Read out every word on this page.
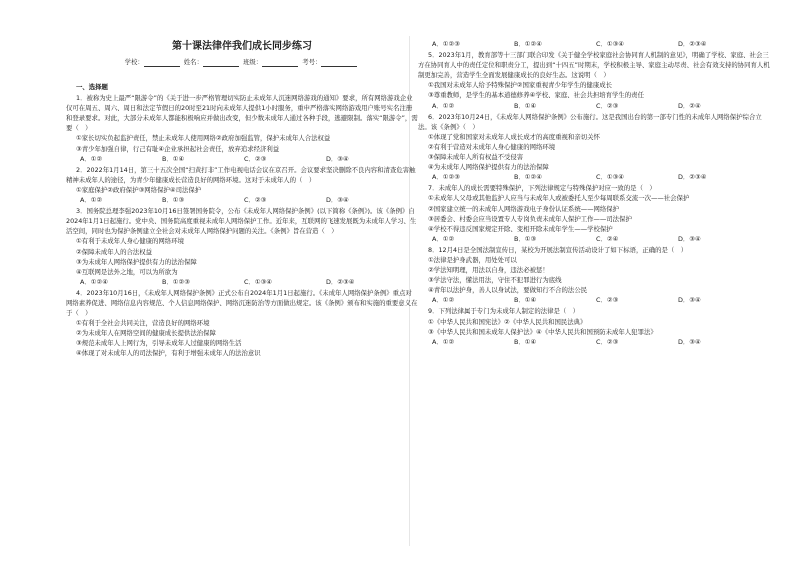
第十课法律伴我们成长同步练习
学校：	姓名：	班级：	考号：
一、选择题
1．被称为史上最严“限游令”的《关于进一步严格管理切实防止未成年人沉迷网络游戏的通知》要求，所有网络游戏企业仅可在周五、周六、周日和法定节假日的20时至21时向未成年人提供1小时服务，重申严格落实网络游戏用户账号实名注册和登录要求。对此，大部分未成年人都能积极响应并做出改变，但少数未成年人通过各种手段，逃避限制。落实“限游令”，需要（　）
①家长切实负起监护责任，禁止未成年人使用网络②政府加强监管，保护未成年人合法权益
③青少年加强自律，行己有耻④企业承担起社会责任，放弃追求经济利益
A．①②	B．①④	C．②③	D．③④
2．2022年1月14日，第三十五次全国“扫黄打非”工作电视电话会议在京召开。会议要求坚决删除不良内容和清查危害触精神未成年人的途径，为青少年健康成长营造良好的网络环境。这对于未成年人的（　）
①家庭保护②政府保护③网络保护④司法保护
A．①②	B．①③	C．②③	D．③④
3．国务院总理李强2023年10月16日签署国务院令，公布《未成年人网络保护条例》(以下简称《条例》)。该《条例》自2024年1月1日起施行。党中央、国务院高度重视未成年人网络保护工作。近年来，互联网的飞速发展既为未成年人学习、生活空间，同时也为保护条例建立全社会对未成年人网络保护问题的关注。《条例》旨在营造（　）
①有利于未成年人身心健康的网络环境
②保障未成年人的合法权益
③为未成年人网络保护提供有力的法治保障
④互联网是法外之地，可以为所欲为
A．①②④	B．①②③	C．①③④	D．②③④
4．2023年10月16日，《未成年人网络保护条例》正式公布自2024年1月1日起施行。《未成年人网络保护条例》重点对网络素养促进、网络信息内容规范、个人信息网络保护、网络沉迷防治等方面做出规定。该《条例》颁布和实施的重要意义在于（　）
①有利于全社会共同关注，营造良好的网络环境
②为未成年人在网络空间的健康成长提供法治保障
③规范未成年人上网行为，引导未成年人过健康的网络生活
④体现了对未成年人的司法保护，有利于增强未成年人的法治意识
A．①②③	B．①②④	C．①③④	D．②③④
5．2023年1月，教育部等十三部门联合印发《关于健全学校家庭社会协同育人机制的意见》，明确了学校、家庭、社会三方在协同育人中的责任定位和职责分工，提出到“十四五”时期末，学校积极主导、家庭主动尽责、社会有效支持的协同育人机制更加完善，营造学生全面发展健康成长的良好生态。这说明（　）
①我国对未成年人给予特殊保护②国家重视青少年学生的健康成长
③尊重教师，是学生的基本道德修养④学校、家庭、社会共担培育学生的责任
A．①②	B．①④	C．②③	D．②④
6．2023年10月24日，《未成年人网络保护条例》公布施行。这是我国出台的第一部专门性的未成年人网络保护综合立法。该《条例》（　）
①体现了党和国家对未成年人成长成才的高度重视和亲切关怀
②有利于营造对未成年人身心健康的网络环境
③保障未成年人所有权益不受侵害
④为未成年人网络保护提供有力的法治保障
A．①②③	B．①②④	C．①③④	D．②③④
7．未成年人的成长需要特殊保护，下列法律规定与特殊保护对应一致的是（　）
①未成年人父母或其他监护人应当与未成年人或被委托人至少每周联系交流一次——社会保护
②国家建立统一的未成年人网络游戏电子身份认证系统——网络保护
③居委会、村委会应当设置专人专岗负责未成年人保护工作——司法保护
④学校不得违反国家规定开除、变相开除未成年学生——学校保护
A．①②	B．①③	C．②④	D．③④
8．12月4日是全国法制宣传日，某校为开展法制宣传活动设计了如下标语，正确的是（　）
①法律是护身武器，用处处可以
②学法知明理，用法以自身，违法必被惩！
③学法守法，懂法用法，守住不犯罪进行为底线
④青年以法护身，善人以身试法，要做知行不合的法公民
A．①②	B．①④	C．②③	D．③④
9．下列法律属于专门为未成年人制定的法律是（　）
①《中华人民共和国宪法》②《中华人民共和国民法典》
③《中华人民共和国未成年人保护法》④《中华人民共和国预防未成年人犯罪法》
A．①②	B．①④	C．②③	D．③④
